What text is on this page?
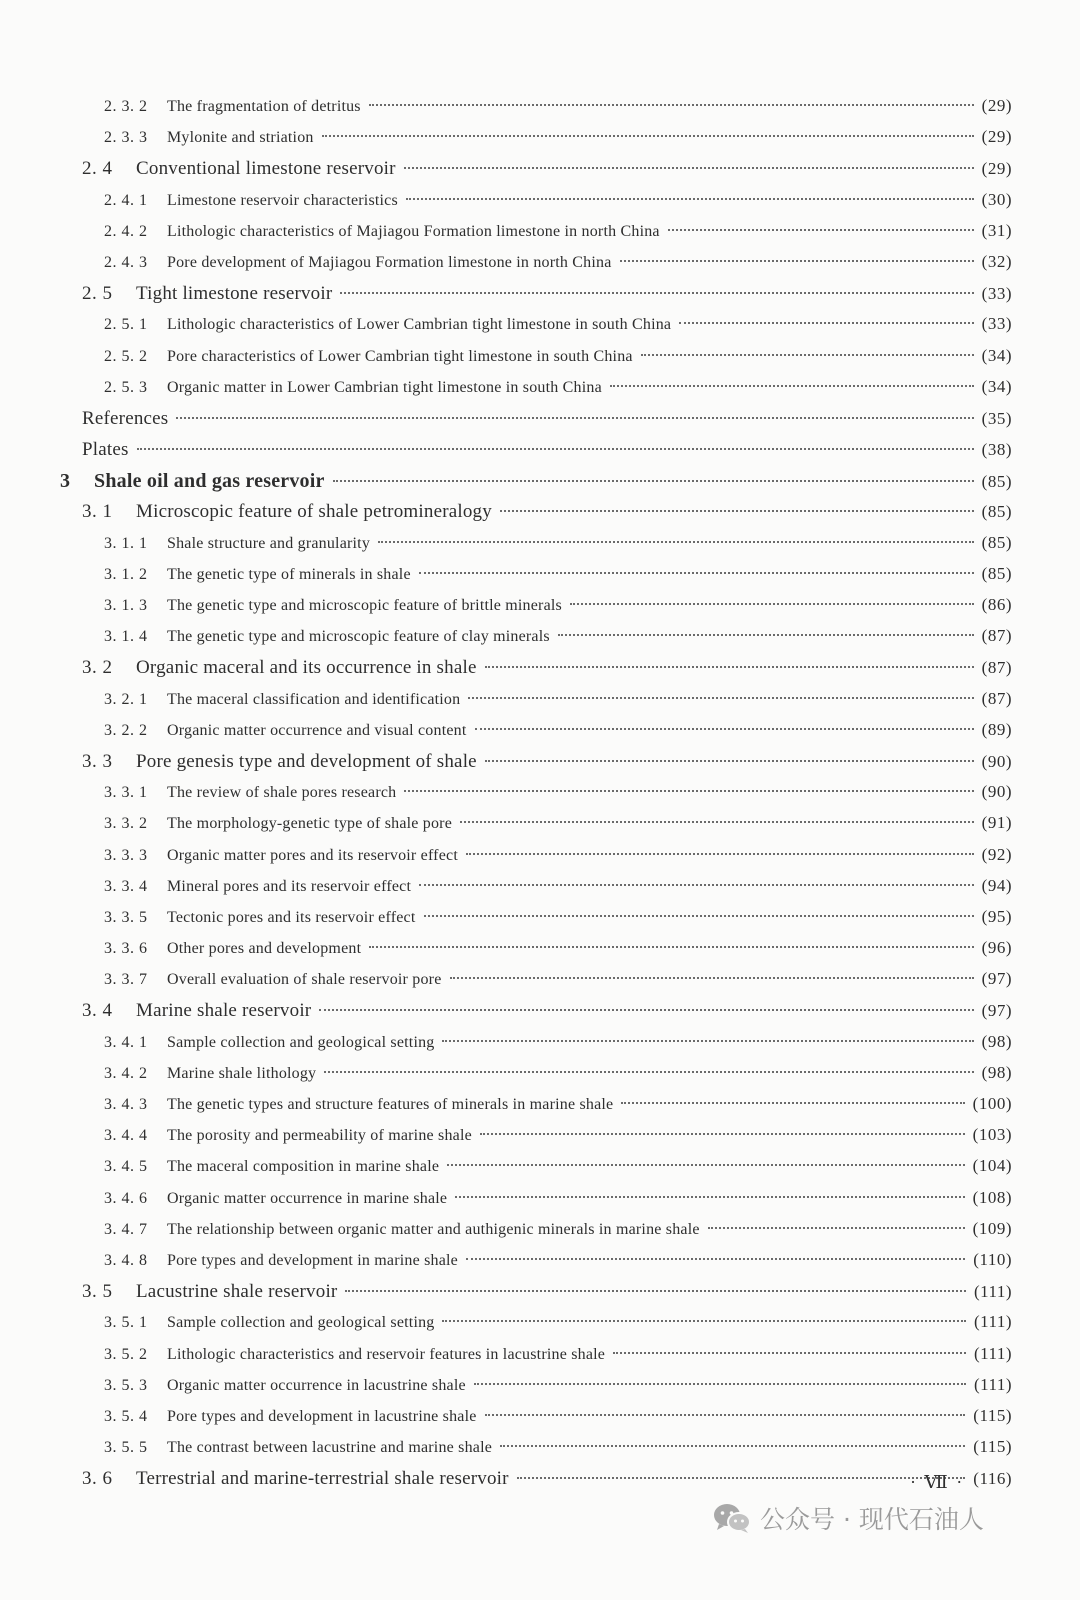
2. 3. 2	The fragmentation of detritus	(29)
2. 3. 3	Mylonite and striation	(29)
2. 4	Conventional limestone reservoir	(29)
2. 4. 1	Limestone reservoir characteristics	(30)
2. 4. 2	Lithologic characteristics of Majiagou Formation limestone in north China	(31)
2. 4. 3	Pore development of Majiagou Formation limestone in north China	(32)
2. 5	Tight limestone reservoir	(33)
2. 5. 1	Lithologic characteristics of Lower Cambrian tight limestone in south China	(33)
2. 5. 2	Pore characteristics of Lower Cambrian tight limestone in south China	(34)
2. 5. 3	Organic matter in Lower Cambrian tight limestone in south China	(34)
References	(35)
Plates	(38)
3	Shale oil and gas reservoir	(85)
3. 1	Microscopic feature of shale petromineralogy	(85)
3. 1. 1	Shale structure and granularity	(85)
3. 1. 2	The genetic type of minerals in shale	(85)
3. 1. 3	The genetic type and microscopic feature of brittle minerals	(86)
3. 1. 4	The genetic type and microscopic feature of clay minerals	(87)
3. 2	Organic maceral and its occurrence in shale	(87)
3. 2. 1	The maceral classification and identification	(87)
3. 2. 2	Organic matter occurrence and visual content	(89)
3. 3	Pore genesis type and development of shale	(90)
3. 3. 1	The review of shale pores research	(90)
3. 3. 2	The morphology-genetic type of shale pore	(91)
3. 3. 3	Organic matter pores and its reservoir effect	(92)
3. 3. 4	Mineral pores and its reservoir effect	(94)
3. 3. 5	Tectonic pores and its reservoir effect	(95)
3. 3. 6	Other pores and development	(96)
3. 3. 7	Overall evaluation of shale reservoir pore	(97)
3. 4	Marine shale reservoir	(97)
3. 4. 1	Sample collection and geological setting	(98)
3. 4. 2	Marine shale lithology	(98)
3. 4. 3	The genetic types and structure features of minerals in marine shale	(100)
3. 4. 4	The porosity and permeability of marine shale	(103)
3. 4. 5	The maceral composition in marine shale	(104)
3. 4. 6	Organic matter occurrence in marine shale	(108)
3. 4. 7	The relationship between organic matter and authigenic minerals in marine shale	(109)
3. 4. 8	Pore types and development in marine shale	(110)
3. 5	Lacustrine shale reservoir	(111)
3. 5. 1	Sample collection and geological setting	(111)
3. 5. 2	Lithologic characteristics and reservoir features in lacustrine shale	(111)
3. 5. 3	Organic matter occurrence in lacustrine shale	(111)
3. 5. 4	Pore types and development in lacustrine shale	(115)
3. 5. 5	The contrast between lacustrine and marine shale	(115)
3. 6	Terrestrial and marine-terrestrial shale reservoir	(116)
· Ⅶ ·
公众号 · 现代石油人
